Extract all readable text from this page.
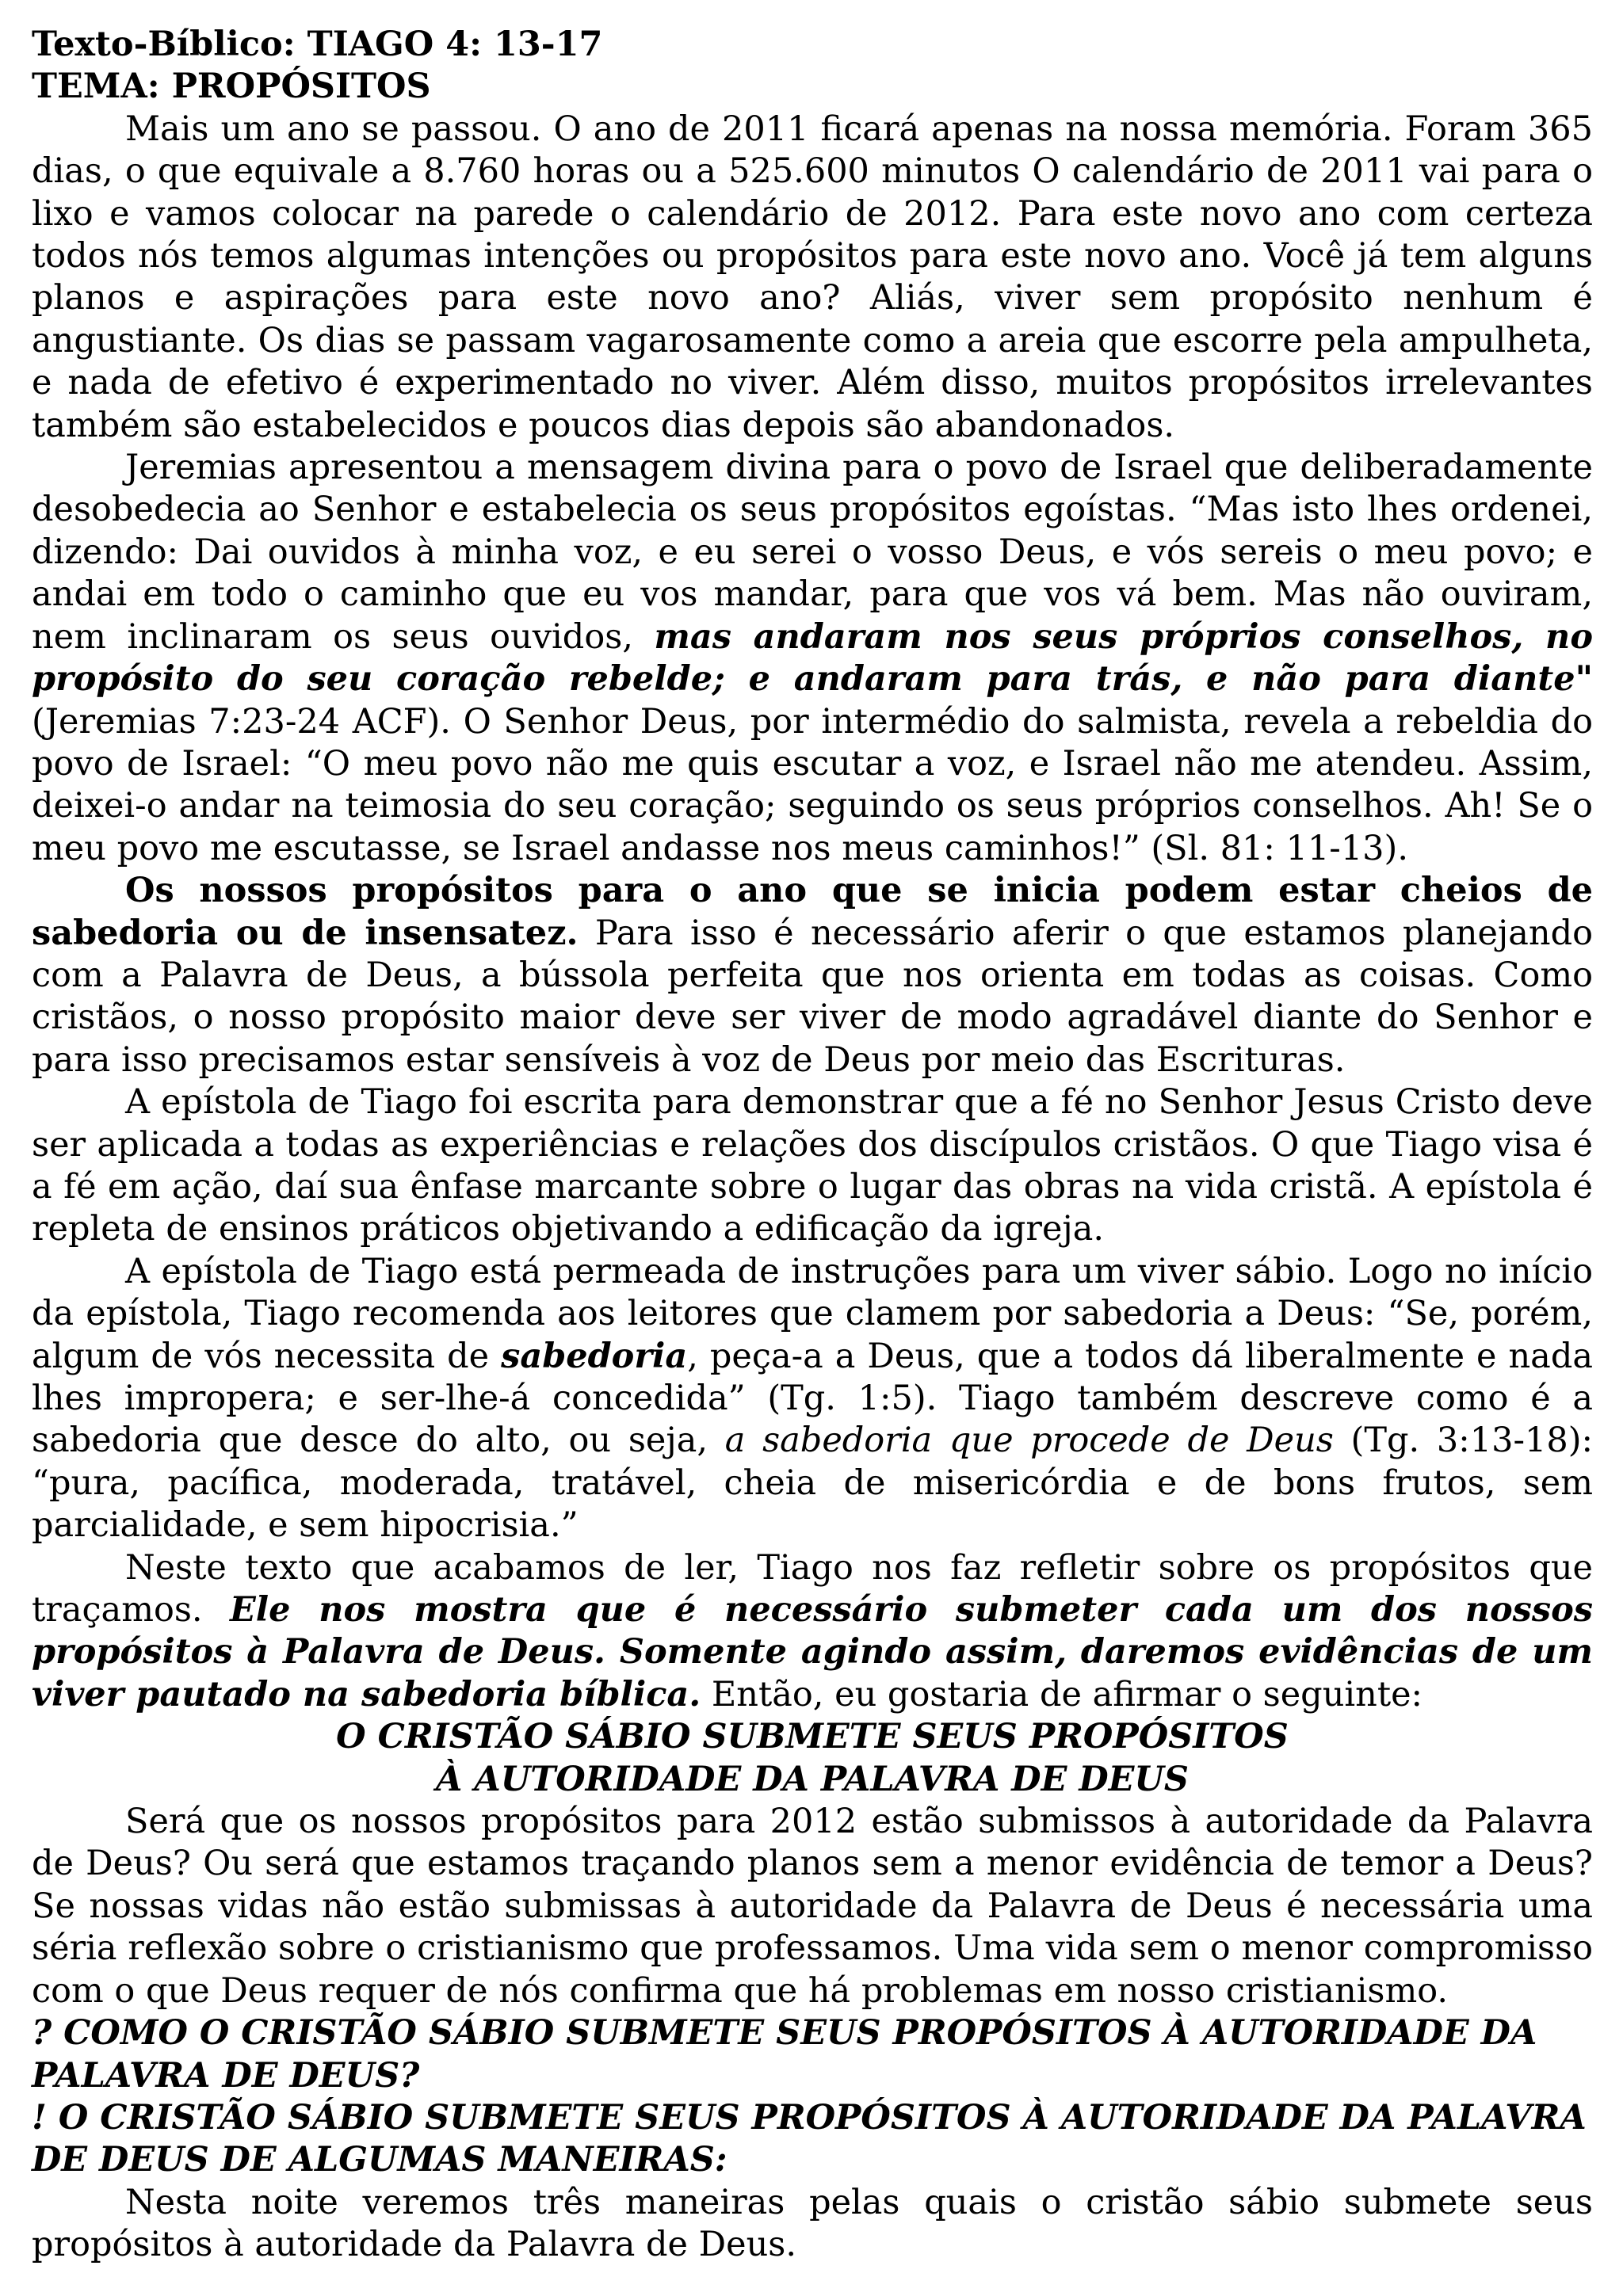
Texto-Bíblico: TIAGO 4: 13-17
TEMA: PROPÓSITOS

Mais um ano se passou. O ano de 2011 ficará apenas na nossa memória. Foram 365 dias, o que equivale a 8.760 horas ou a 525.600 minutos O calendário de 2011 vai para o lixo e vamos colocar na parede o calendário de 2012. Para este novo ano com certeza todos nós temos algumas intenções ou propósitos para este novo ano. Você já tem alguns planos e aspirações para este novo ano? Aliás, viver sem propósito nenhum é angustiante. Os dias se passam vagarosamente como a areia que escorre pela ampulheta, e nada de efetivo é experimentado no viver. Além disso, muitos propósitos irrelevantes também são estabelecidos e poucos dias depois são abandonados.

Jeremias apresentou a mensagem divina para o povo de Israel que deliberadamente desobedecia ao Senhor e estabelecia os seus propósitos egoístas. “Mas isto lhes ordenei, dizendo: Dai ouvidos à minha voz, e eu serei o vosso Deus, e vós sereis o meu povo; e andai em todo o caminho que eu vos mandar, para que vos vá bem. Mas não ouviram, nem inclinaram os seus ouvidos, mas andaram nos seus próprios conselhos, no propósito do seu coração rebelde; e andaram para trás, e não para diante" (Jeremias 7:23-24 ACF). O Senhor Deus, por intermédio do salmista, revela a rebeldia do povo de Israel: “O meu povo não me quis escutar a voz, e Israel não me atendeu. Assim, deixei-o andar na teimosia do seu coração; seguindo os seus próprios conselhos. Ah! Se o meu povo me escutasse, se Israel andasse nos meus caminhos!” (Sl. 81: 11-13).

Os nossos propósitos para o ano que se inicia podem estar cheios de sabedoria ou de insensatez. Para isso é necessário aferir o que estamos planejando com a Palavra de Deus, a bússola perfeita que nos orienta em todas as coisas. Como cristãos, o nosso propósito maior deve ser viver de modo agradável diante do Senhor e para isso precisamos estar sensíveis à voz de Deus por meio das Escrituras.

A epístola de Tiago foi escrita para demonstrar que a fé no Senhor Jesus Cristo deve ser aplicada a todas as experiências e relações dos discípulos cristãos. O que Tiago visa é a fé em ação, daí sua ênfase marcante sobre o lugar das obras na vida cristã. A epístola é repleta de ensinos práticos objetivando a edificação da igreja.

A epístola de Tiago está permeada de instruções para um viver sábio. Logo no início da epístola, Tiago recomenda aos leitores que clamem por sabedoria a Deus: “Se, porém, algum de vós necessita de sabedoria, peça-a a Deus, que a todos dá liberalmente e nada lhes impropera; e ser-lhe-á concedida” (Tg. 1:5). Tiago também descreve como é a sabedoria que desce do alto, ou seja, a sabedoria que procede de Deus (Tg. 3:13-18): “pura, pacífica, moderada, tratável, cheia de misericórdia e de bons frutos, sem parcialidade, e sem hipocrisia.”

Neste texto que acabamos de ler, Tiago nos faz refletir sobre os propósitos que traçamos. Ele nos mostra que é necessário submeter cada um dos nossos propósitos à Palavra de Deus. Somente agindo assim, daremos evidências de um viver pautado na sabedoria bíblica. Então, eu gostaria de afirmar o seguinte:

O CRISTÃO SÁBIO SUBMETE SEUS PROPÓSITOS
À AUTORIDADE DA PALAVRA DE DEUS

Será que os nossos propósitos para 2012 estão submissos à autoridade da Palavra de Deus? Ou será que estamos traçando planos sem a menor evidência de temor a Deus? Se nossas vidas não estão submissas à autoridade da Palavra de Deus é necessária uma séria reflexão sobre o cristianismo que professamos. Uma vida sem o menor compromisso com o que Deus requer de nós confirma que há problemas em nosso cristianismo.

? COMO O CRISTÃO SÁBIO SUBMETE SEUS PROPÓSITOS À AUTORIDADE DA PALAVRA DE DEUS?
! O CRISTÃO SÁBIO SUBMETE SEUS PROPÓSITOS À AUTORIDADE DA PALAVRA DE DEUS DE ALGUMAS MANEIRAS:

Nesta noite veremos três maneiras pelas quais o cristão sábio submete seus propósitos à autoridade da Palavra de Deus.
